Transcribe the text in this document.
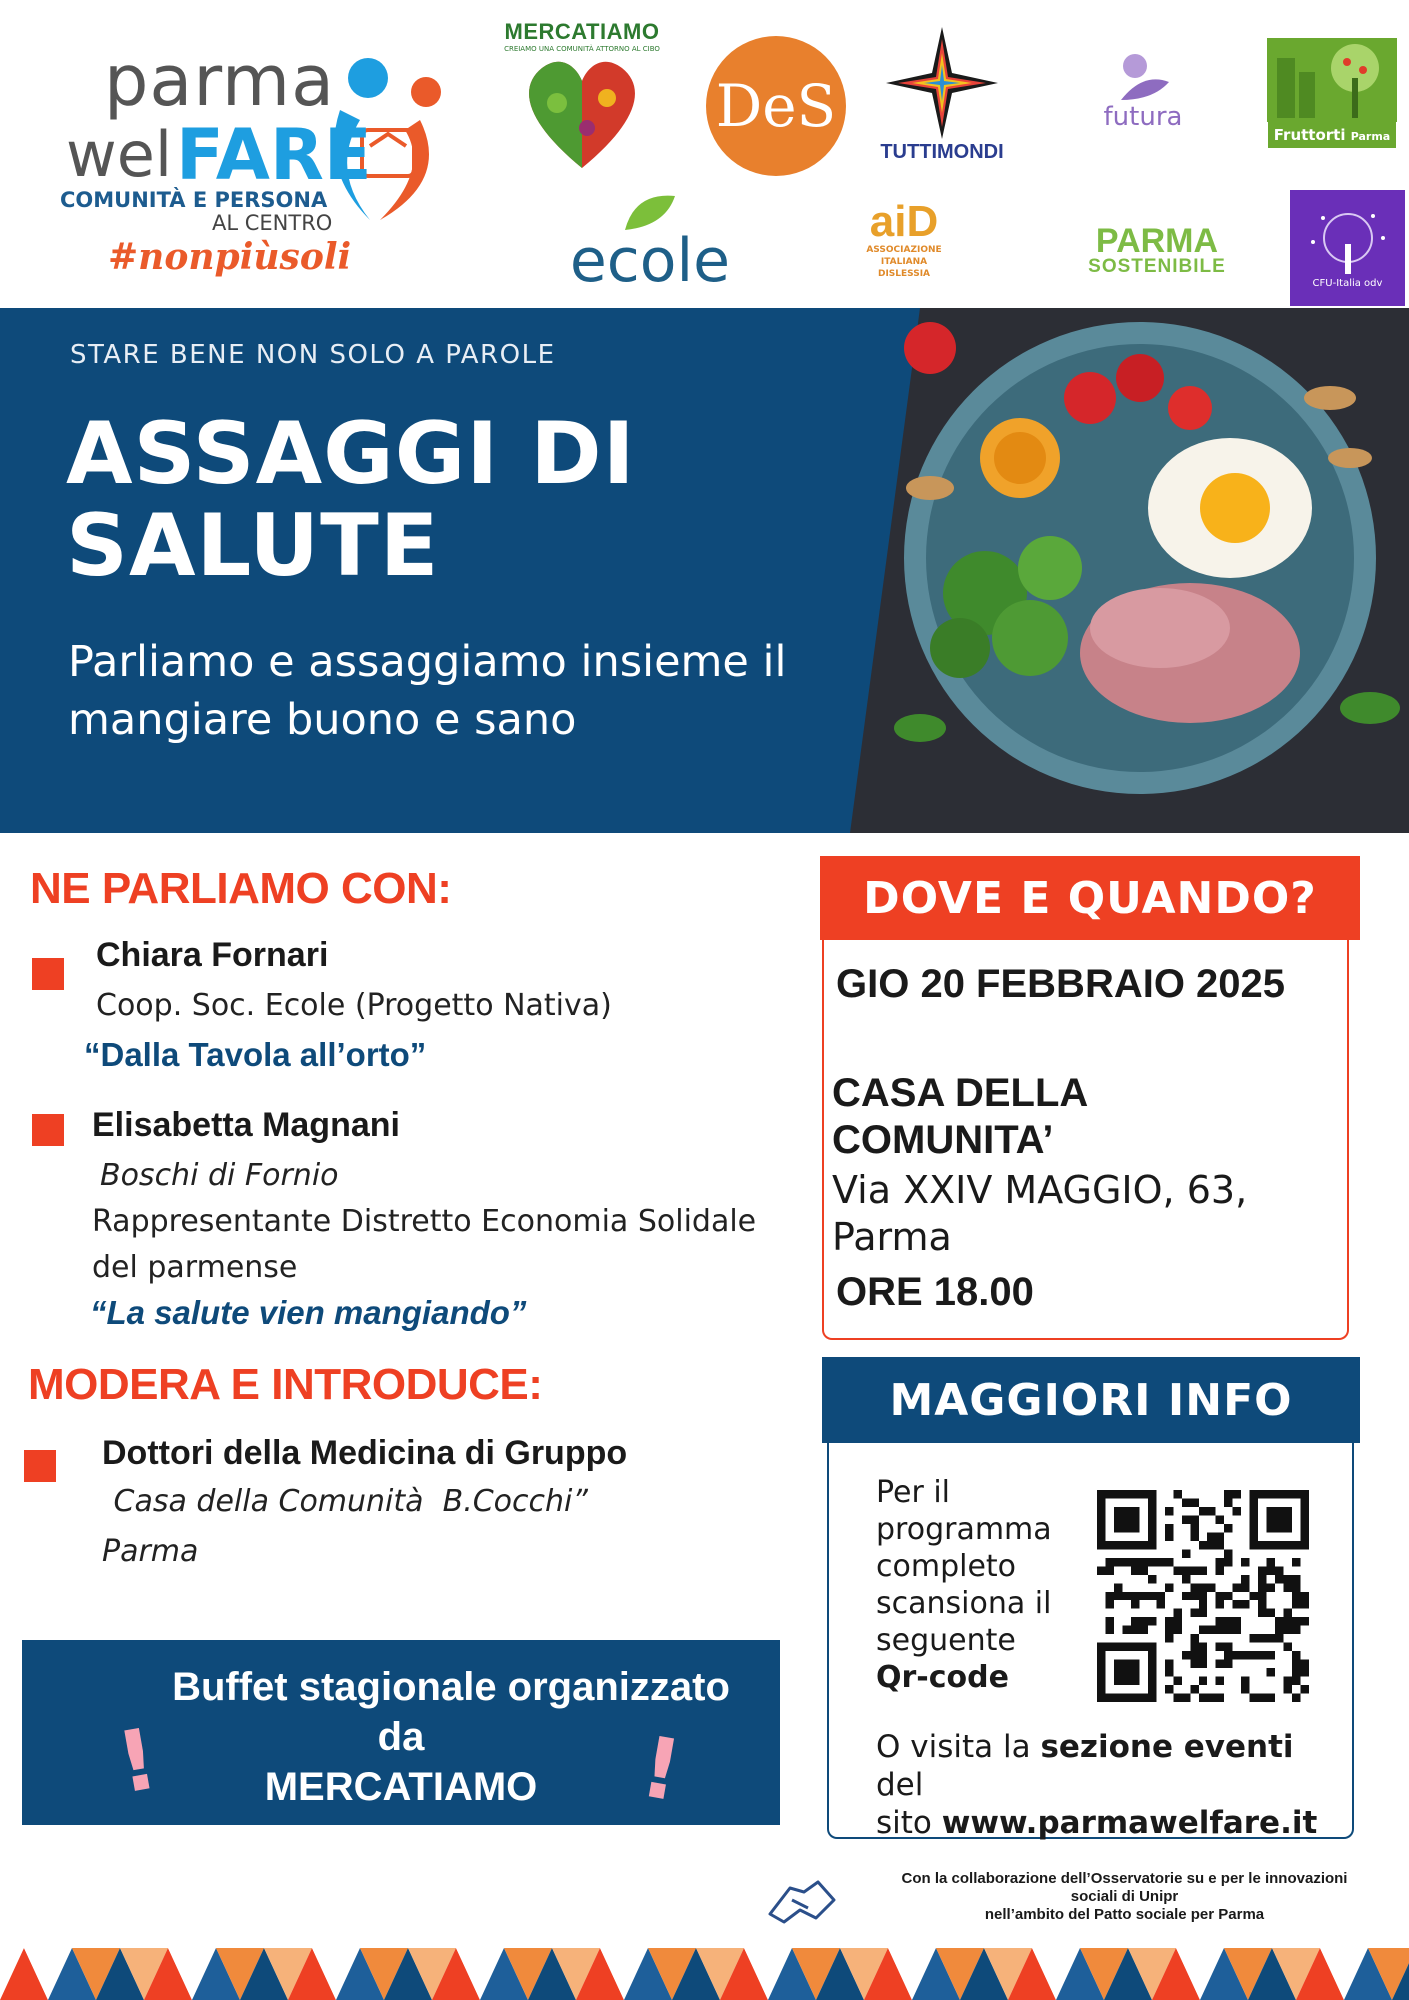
parma
wel FARE
COMUNITÀ E PERSONA
AL CENTRO
#nonpiùsoli
MERCATIAMO
CREIAMO UNA COMUNITÀ ATTORNO AL CIBO
DeS
TUTTIMONDI
futura
Fruttorti Parma
ecole
aiD
ASSOCIAZIONE
ITALIANA
DISLESSIA
PARMA
SOSTENIBILE
CFU-Italia odv
STARE BENE NON SOLO A PAROLE
ASSAGGI DI
SALUTE
Parliamo e assaggiamo insieme il mangiare buono e sano
NE PARLIAMO CON:
Chiara Fornari
Coop. Soc. Ecole (Progetto Nativa)
“Dalla Tavola all’orto”
Elisabetta Magnani
Boschi di Fornio
Rappresentante Distretto Economia Solidale
del parmense
“La salute vien mangiando”
MODERA E INTRODUCE:
Dottori della Medicina di Gruppo
Casa della Comunità  B.Cocchi”
Parma
Buffet stagionale organizzato
da
MERCATIAMO
!	!
DOVE E QUANDO?
GIO 20 FEBBRAIO 2025
CASA DELLA
COMUNITA’
Via XXIV MAGGIO, 63,
Parma
ORE 18.00
MAGGIORI INFO
Per il
programma
completo
scansiona il
seguente
Qr-code
O visita la sezione eventi del
sito www.parmawelfare.it
Con la collaborazione dell’Osservatorie su e per le innovazioni
sociali di Unipr
nell’ambito del Patto sociale per Parma
